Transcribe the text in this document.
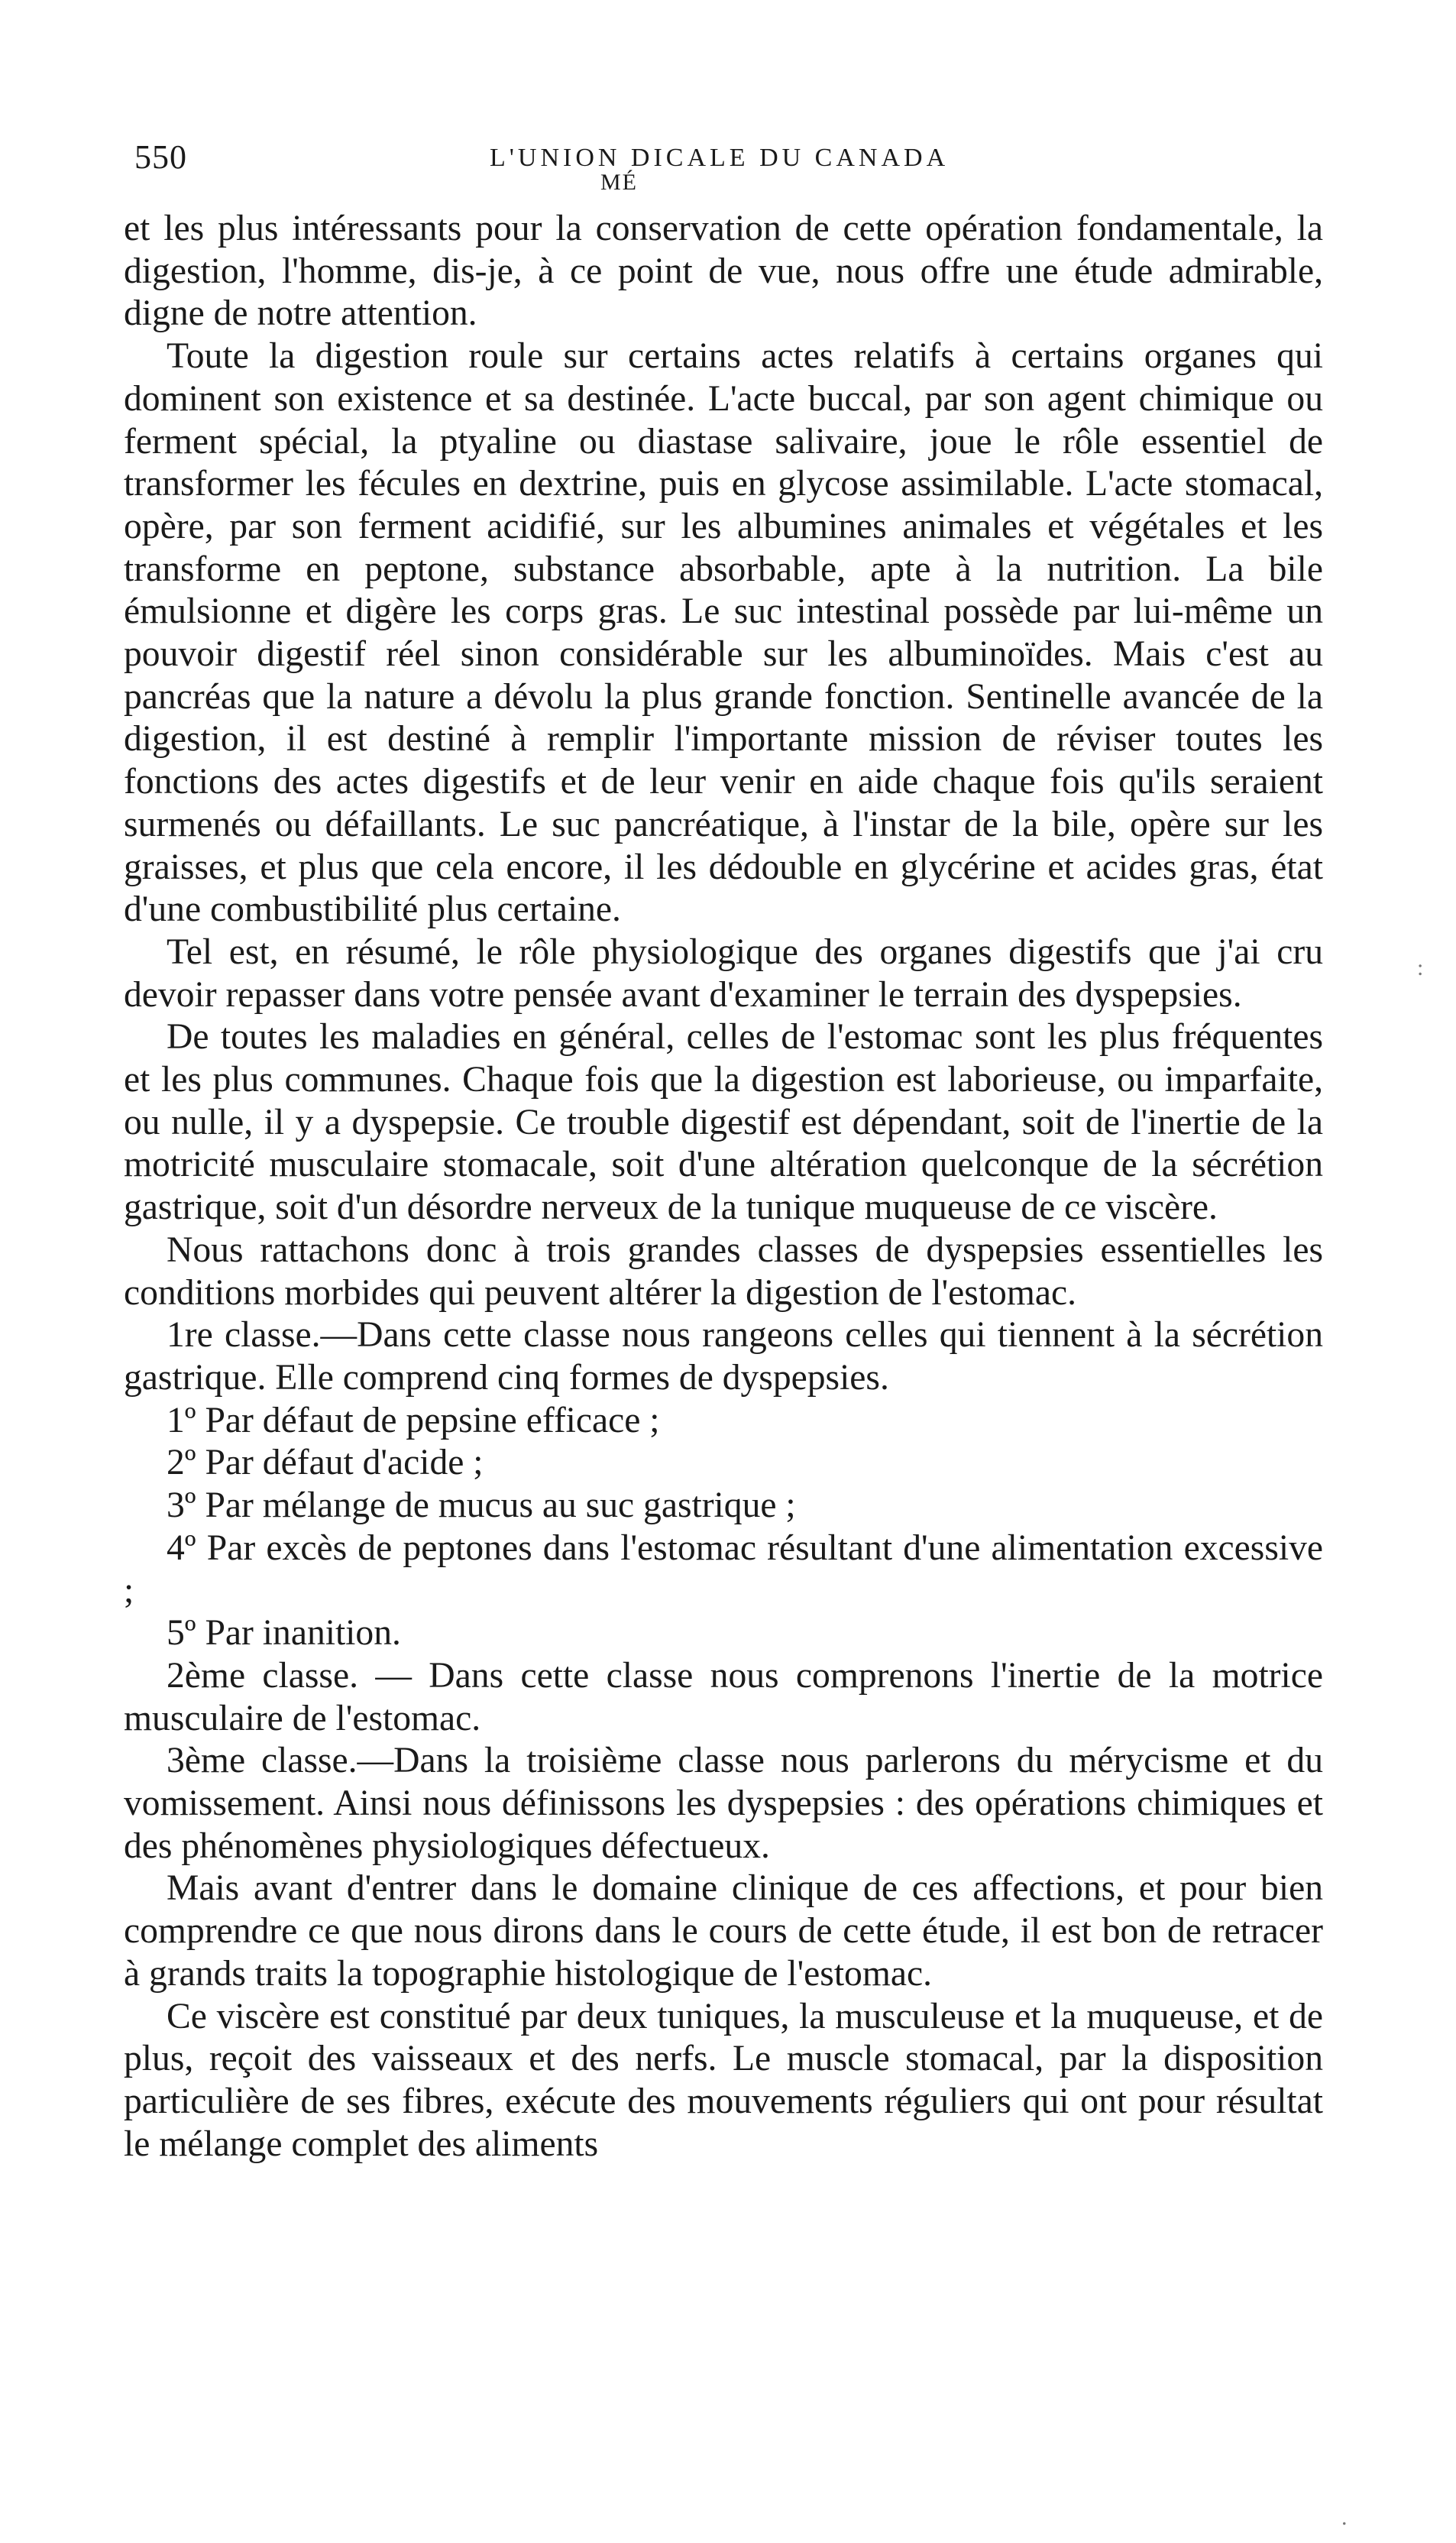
550	L'UNION DICALE DU CANADA
MÉ

et les plus intéressants pour la conservation de cette opération fondamentale, la digestion, l'homme, dis-je, à ce point de vue, nous offre une étude admirable, digne de notre attention.

Toute la digestion roule sur certains actes relatifs à certains organes qui dominent son existence et sa destinée. L'acte buccal, par son agent chimique ou ferment spécial, la ptyaline ou diastase salivaire, joue le rôle essentiel de transformer les fécules en dextrine, puis en glycose assimilable. L'acte stomacal, opère, par son ferment acidifié, sur les albumines animales et végétales et les transforme en peptone, substance absorbable, apte à la nutrition. La bile émulsionne et digère les corps gras. Le suc intestinal possède par lui-même un pouvoir digestif réel sinon considérable sur les albuminoïdes. Mais c'est au pancréas que la nature a dévolu la plus grande fonction. Sentinelle avancée de la digestion, il est destiné à remplir l'importante mission de réviser toutes les fonctions des actes digestifs et de leur venir en aide chaque fois qu'ils seraient surmenés ou défaillants. Le suc pancréatique, à l'instar de la bile, opère sur les graisses, et plus que cela encore, il les dédouble en glycérine et acides gras, état d'une combustibilité plus certaine.

Tel est, en résumé, le rôle physiologique des organes digestifs que j'ai cru devoir repasser dans votre pensée avant d'examiner le terrain des dyspepsies.

De toutes les maladies en général, celles de l'estomac sont les plus fréquentes et les plus communes. Chaque fois que la digestion est laborieuse, ou imparfaite, ou nulle, il y a dyspepsie. Ce trouble digestif est dépendant, soit de l'inertie de la motricité musculaire stomacale, soit d'une altération quelconque de la sécrétion gastrique, soit d'un désordre nerveux de la tunique muqueuse de ce viscère.

Nous rattachons donc à trois grandes classes de dyspepsies essentielles les conditions morbides qui peuvent altérer la digestion de l'estomac.

1re classe.—Dans cette classe nous rangeons celles qui tiennent à la sécrétion gastrique. Elle comprend cinq formes de dyspepsies.

1º Par défaut de pepsine efficace ;

2º Par défaut d'acide ;

3º Par mélange de mucus au suc gastrique ;

4º Par excès de peptones dans l'estomac résultant d'une alimentation excessive ;

5º Par inanition.

2ème classe. — Dans cette classe nous comprenons l'inertie de la motrice musculaire de l'estomac.

3ème classe.—Dans la troisième classe nous parlerons du mérycisme et du vomissement. Ainsi nous définissons les dyspepsies : des opérations chimiques et des phénomènes physiologiques défectueux.

Mais avant d'entrer dans le domaine clinique de ces affections, et pour bien comprendre ce que nous dirons dans le cours de cette étude, il est bon de retracer à grands traits la topographie histologique de l'estomac.

Ce viscère est constitué par deux tuniques, la musculeuse et la muqueuse, et de plus, reçoit des vaisseaux et des nerfs. Le muscle stomacal, par la disposition particulière de ses fibres, exécute des mouvements réguliers qui ont pour résultat le mélange complet des aliments

:
.
